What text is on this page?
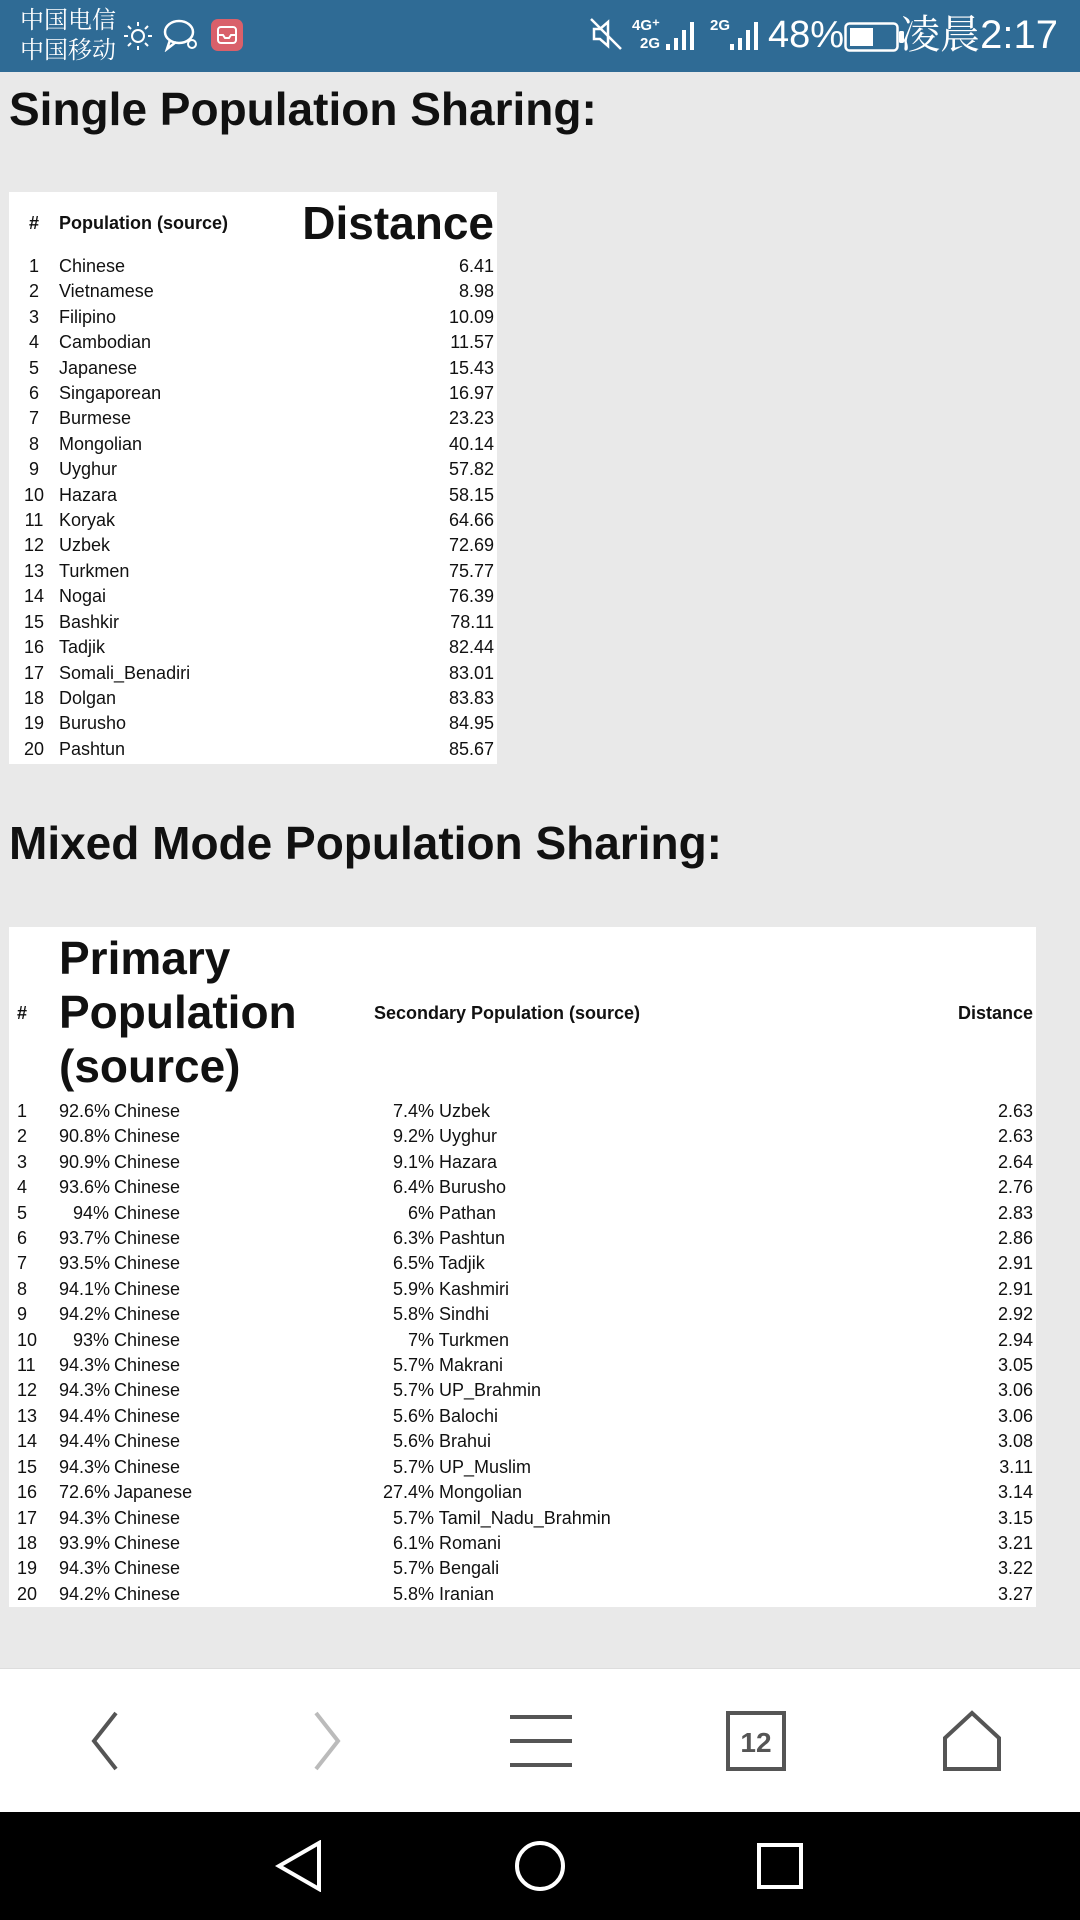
中国电信
中国移动
4G⁺
2G
2G 48% 凌晨2:17
Single Population Sharing:
#	Population (source)	Distance
1	Chinese	6.41
2	Vietnamese	8.98
3	Filipino	10.09
4	Cambodian	11.57
5	Japanese	15.43
6	Singaporean	16.97
7	Burmese	23.23
8	Mongolian	40.14
9	Uyghur	57.82
10	Hazara	58.15
11	Koryak	64.66
12	Uzbek	72.69
13	Turkmen	75.77
14	Nogai	76.39
15	Bashkir	78.11
16	Tadjik	82.44
17	Somali_Benadiri	83.01
18	Dolgan	83.83
19	Burusho	84.95
20	Pashtun	85.67
Mixed Mode Population Sharing:
#	Primary Population (source)	Secondary Population (source)	Distance
1	92.6% Chinese	7.4% Uzbek	2.63
2	90.8% Chinese	9.2% Uyghur	2.63
3	90.9% Chinese	9.1% Hazara	2.64
4	93.6% Chinese	6.4% Burusho	2.76
5	94% Chinese	6% Pathan	2.83
6	93.7% Chinese	6.3% Pashtun	2.86
7	93.5% Chinese	6.5% Tadjik	2.91
8	94.1% Chinese	5.9% Kashmiri	2.91
9	94.2% Chinese	5.8% Sindhi	2.92
10	93% Chinese	7% Turkmen	2.94
11	94.3% Chinese	5.7% Makrani	3.05
12	94.3% Chinese	5.7% UP_Brahmin	3.06
13	94.4% Chinese	5.6% Balochi	3.06
14	94.4% Chinese	5.6% Brahui	3.08
15	94.3% Chinese	5.7% UP_Muslim	3.11
16	72.6% Japanese	27.4% Mongolian	3.14
17	94.3% Chinese	5.7% Tamil_Nadu_Brahmin	3.15
18	93.9% Chinese	6.1% Romani	3.21
19	94.3% Chinese	5.7% Bengali	3.22
20	94.2% Chinese	5.8% Iranian	3.27
12
